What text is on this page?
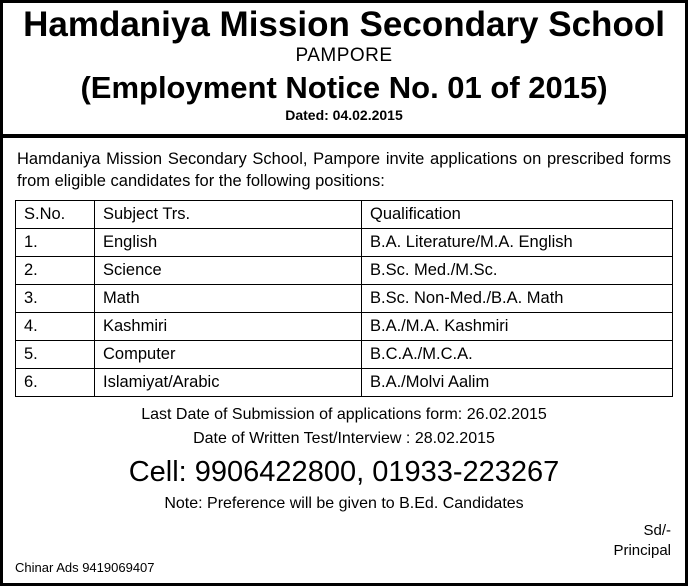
Hamdaniya Mission Secondary School
PAMPORE
(Employment Notice No. 01 of 2015)
Dated: 04.02.2015
Hamdaniya Mission Secondary School, Pampore invite applications on prescribed forms from eligible candidates for the following positions:
S.No.	Subject Trs.	Qualification
1.	English	B.A. Literature/M.A. English
2.	Science	B.Sc. Med./M.Sc.
3.	Math	B.Sc. Non-Med./B.A. Math
4.	Kashmiri	B.A./M.A. Kashmiri
5.	Computer	B.C.A./M.C.A.
6.	Islamiyat/Arabic	B.A./Molvi Aalim
Last Date of Submission of applications form: 26.02.2015
Date of Written Test/Interview : 28.02.2015
Cell: 9906422800, 01933-223267
Note: Preference will be given to B.Ed. Candidates
Sd/-
Principal
Chinar Ads 9419069407
